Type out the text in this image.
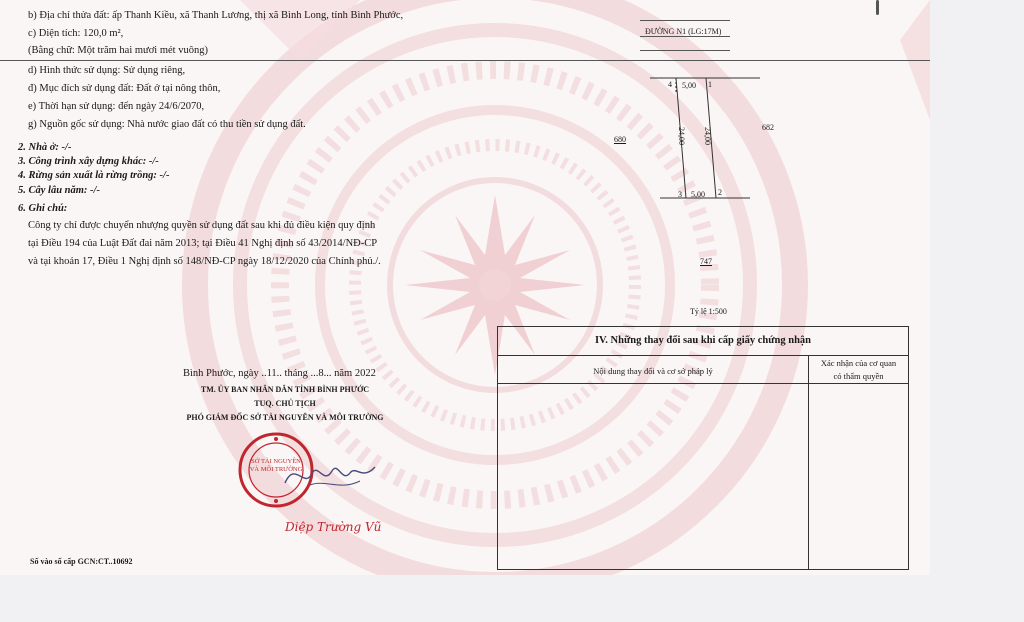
b) Địa chỉ thửa đất: ấp Thanh Kiều, xã Thanh Lương, thị xã Bình Long, tỉnh Bình Phước,
c) Diện tích: 120,0 m²,
(Bằng chữ: Một trăm hai mươi mét vuông)
d) Hình thức sử dụng: Sử dụng riêng,
đ) Mục đích sử dụng đất: Đất ở tại nông thôn,
e) Thời hạn sử dụng: đến ngày 24/6/2070,
g) Nguồn gốc sử dụng: Nhà nước giao đất có thu tiền sử dụng đất.
2. Nhà ở: -/-
3. Công trình xây dựng khác: -/-
4. Rừng sản xuất là rừng trồng: -/-
5. Cây lâu năm: -/-
6. Ghi chú:
Công ty chỉ được chuyển nhượng quyền sử dụng đất sau khi đủ điều kiện quy định
tại Điều 194 của Luật Đất đai năm 2013; tại Điều 41 Nghị định số 43/2014/NĐ-CP
và tại khoản 17, Điều 1 Nghị định số 148/NĐ-CP ngày 18/12/2020 của Chính phủ./.
ĐƯỜNG N1 (LG:17M)
4 5,00 1
24,00 24,00
3 5,00 2
680
682
747
Tỷ lệ 1:500
Bình Phước, ngày ..11.. tháng ...8... năm 2022
TM. ỦY BAN NHÂN DÂN TỈNH BÌNH PHƯỚC
TUQ. CHỦ TỊCH
PHÓ GIÁM ĐỐC SỞ TÀI NGUYÊN VÀ MÔI TRƯỜNG
SỞ TÀI NGUYÊN VÀ MÔI TRƯỜNG
Diệp Trường Vũ
Số vào số cấp GCN:CT..10692
IV. Những thay đổi sau khi cấp giấy chứng nhận
Nội dung thay đổi và cơ sở pháp lý
Xác nhận của cơ quan
có thẩm quyền
